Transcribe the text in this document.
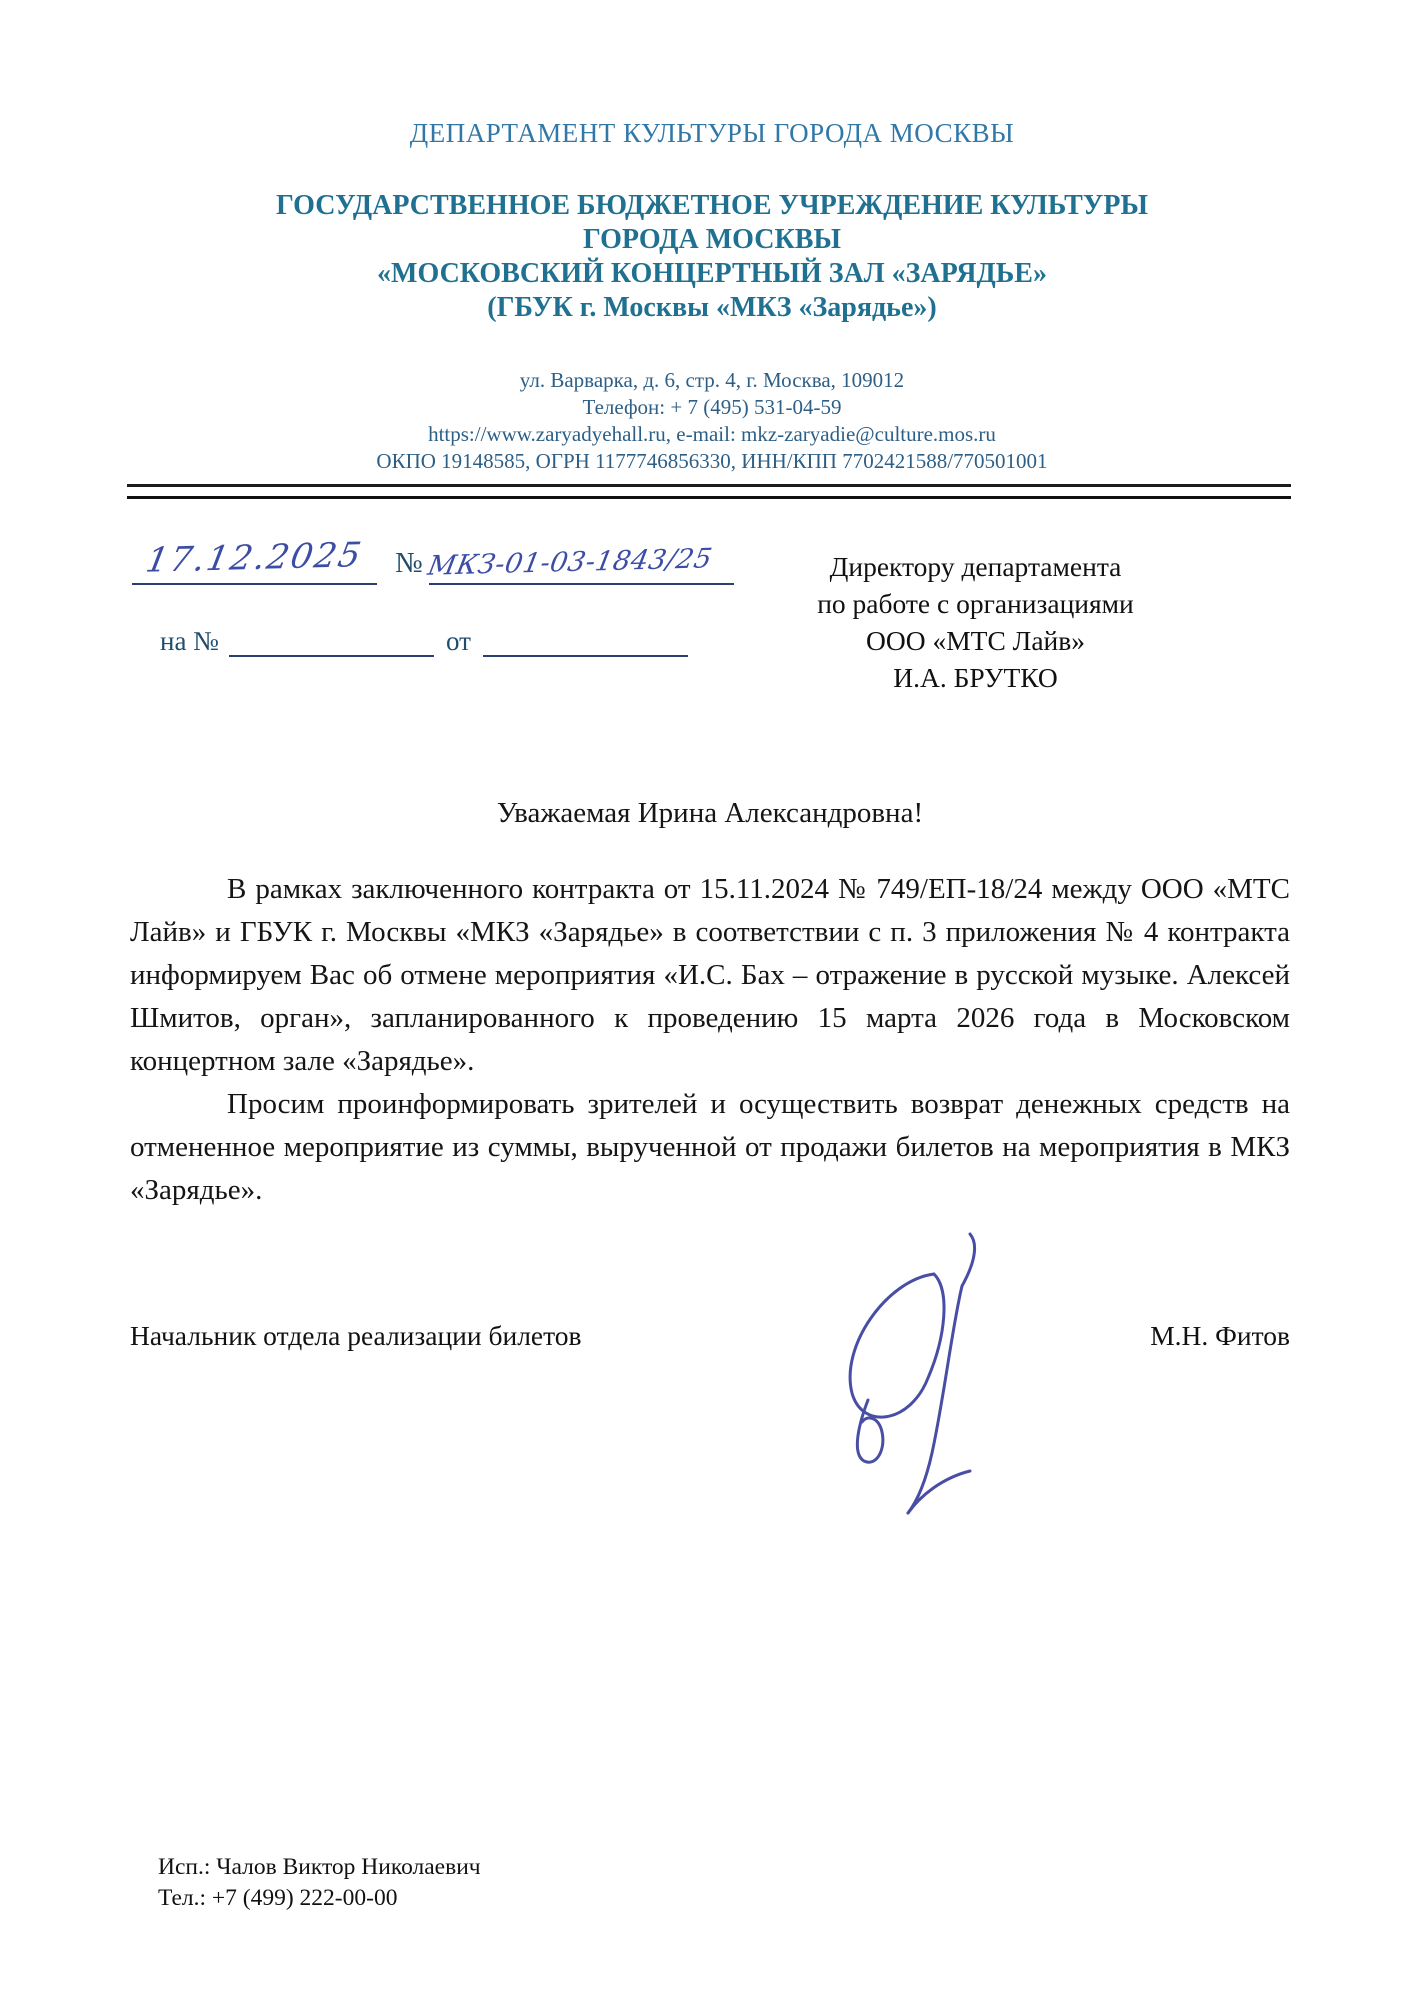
ДЕПАРТАМЕНТ КУЛЬТУРЫ ГОРОДА МОСКВЫ
ГОСУДАРСТВЕННОЕ БЮДЖЕТНОЕ УЧРЕЖДЕНИЕ КУЛЬТУРЫ
ГОРОДА МОСКВЫ
«МОСКОВСКИЙ КОНЦЕРТНЫЙ ЗАЛ «ЗАРЯДЬЕ»
(ГБУК г. Москвы «МКЗ «Зарядье»)
ул. Варварка, д. 6, стр. 4, г. Москва, 109012
Телефон: + 7 (495) 531-04-59
https://www.zaryadyehall.ru, e-mail: mkz-zaryadie@culture.mos.ru
ОКПО 19148585, ОГРН 1177746856330, ИНН/КПП 7702421588/770501001
17.12.2025 №МКЗ-01-03-1843/25
на №	от
Директору департамента
по работе с организациями
ООО «МТС Лайв»
И.А. БРУТКО
Уважаемая Ирина Александровна!

В рамках заключенного контракта от 15.11.2024 № 749/ЕП-18/24 между ООО «МТС Лайв» и ГБУК г. Москвы «МКЗ «Зарядье» в соответствии с п. 3 приложения № 4 контракта информируем Вас об отмене мероприятия «И.С. Бах – отражение в русской музыке. Алексей Шмитов, орган», запланированного к проведению 15 марта 2026 года в Московском концертном зале «Зарядье».

Просим проинформировать зрителей и осуществить возврат денежных средств на отмененное мероприятие из суммы, вырученной от продажи билетов на мероприятия в МКЗ «Зарядье».

Начальник отдела реализации билетов	М.Н. Фитов
Исп.: Чалов Виктор Николаевич
Тел.: +7 (499) 222-00-00
